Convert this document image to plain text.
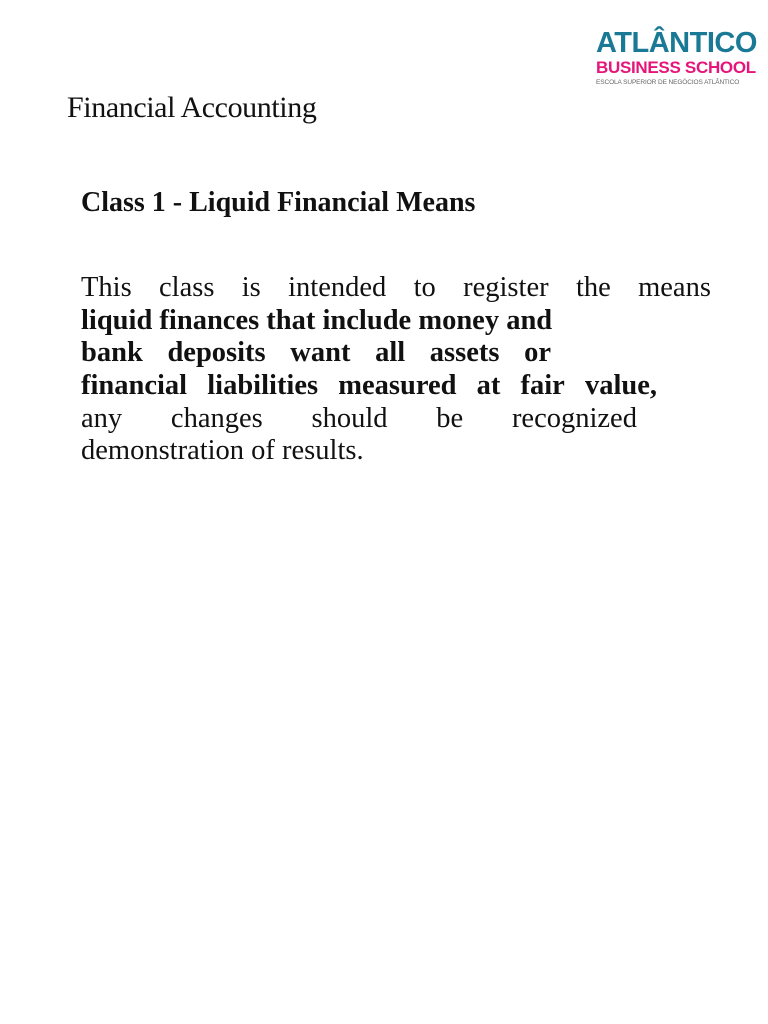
ATLÂNTICO
BUSINESS SCHOOL
ESCOLA SUPERIOR DE NEGÓCIOS ATLÂNTICO
Financial Accounting
Class 1 - Liquid Financial Means
This class is intended to register the means
liquid finances that include money and
bank deposits want all assets or
financial liabilities measured at fair value,
any changes should be recognized
demonstration of results.
